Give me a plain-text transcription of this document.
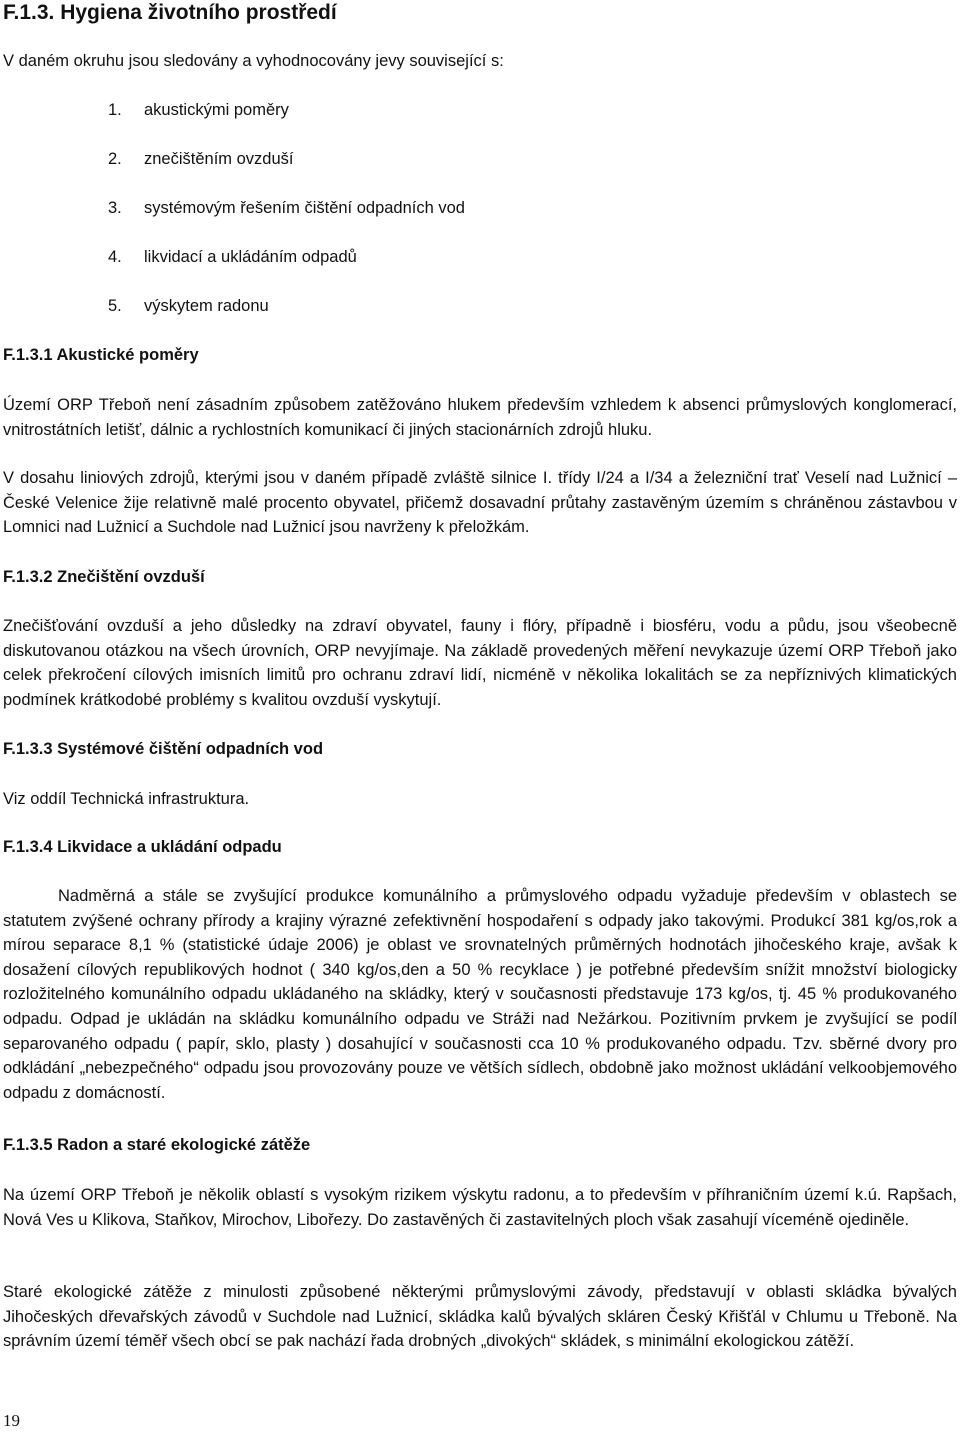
F.1.3. Hygiena životního prostředí

V daném okruhu jsou sledovány a vyhodnocovány jevy související s:

1. akustickými poměry
2. znečištěním ovzduší
3. systémovým řešením čištění odpadních vod
4. likvidací a ukládáním odpadů
5. výskytem radonu

F.1.3.1 Akustické poměry

Území ORP Třeboň není zásadním způsobem zatěžováno hlukem především vzhledem k absenci průmyslových konglomerací, vnitrostátních letišť, dálnic a rychlostních komunikací či jiných stacionárních zdrojů hluku.

V dosahu liniových zdrojů, kterými jsou v daném případě zvláště silnice I. třídy I/24 a I/34 a železniční trať Veselí nad Lužnicí – České Velenice žije relativně malé procento obyvatel, přičemž dosavadní průtahy zastavěným územím s chráněnou zástavbou v Lomnici nad Lužnicí a Suchdole nad Lužnicí jsou navrženy k přeložkám.

F.1.3.2 Znečištění ovzduší

Znečišťování ovzduší a jeho důsledky na zdraví obyvatel, fauny i flóry, případně i biosféru, vodu a půdu, jsou všeobecně diskutovanou otázkou na všech úrovních, ORP nevyjímaje. Na základě provedených měření nevykazuje území ORP Třeboň jako celek překročení cílových imisních limitů pro ochranu zdraví lidí, nicméně v několika lokalitách se za nepříznivých klimatických podmínek krátkodobé problémy s kvalitou ovzduší vyskytují.

F.1.3.3 Systémové čištění odpadních vod

Viz oddíl Technická infrastruktura.

F.1.3.4 Likvidace a ukládání odpadu

Nadměrná a stále se zvyšující produkce komunálního a průmyslového odpadu vyžaduje především v oblastech se statutem zvýšené ochrany přírody a krajiny výrazné zefektivnění hospodaření s odpady jako takovými. Produkcí 381 kg/os,rok a mírou separace 8,1 % (statistické údaje 2006) je oblast ve srovnatelných průměrných hodnotách jihočeského kraje, avšak k dosažení cílových republikových hodnot ( 340 kg/os,den a 50 % recyklace ) je potřebné především snížit množství biologicky rozložitelného komunálního odpadu ukládaného na skládky, který v současnosti představuje 173 kg/os, tj. 45 % produkovaného odpadu. Odpad je ukládán na skládku komunálního odpadu ve Stráži nad Nežárkou. Pozitivním prvkem je zvyšující se podíl separovaného odpadu ( papír, sklo, plasty ) dosahující v současnosti cca 10 % produkovaného odpadu. Tzv. sběrné dvory pro odkládání „nebezpečného“ odpadu jsou provozovány pouze ve větších sídlech, obdobně jako možnost ukládání velkoobjemového odpadu z domácností.

F.1.3.5 Radon a staré ekologické zátěže

Na území ORP Třeboň je několik oblastí s vysokým rizikem výskytu radonu, a to především v příhraničním území k.ú. Rapšach, Nová Ves u Klikova, Staňkov, Mirochov, Libořezy. Do zastavěných či zastavitelných ploch však zasahují víceméně ojediněle.

Staré ekologické zátěže z minulosti způsobené některými průmyslovými závody, představují v oblasti skládka bývalých Jihočeských dřevařských závodů v Suchdole nad Lužnicí, skládka kalů bývalých skláren Český Křišťál v Chlumu u Třeboně. Na správním území téměř všech obcí se pak nachází řada drobných „divokých“ skládek, s minimální ekologickou zátěží.

19
